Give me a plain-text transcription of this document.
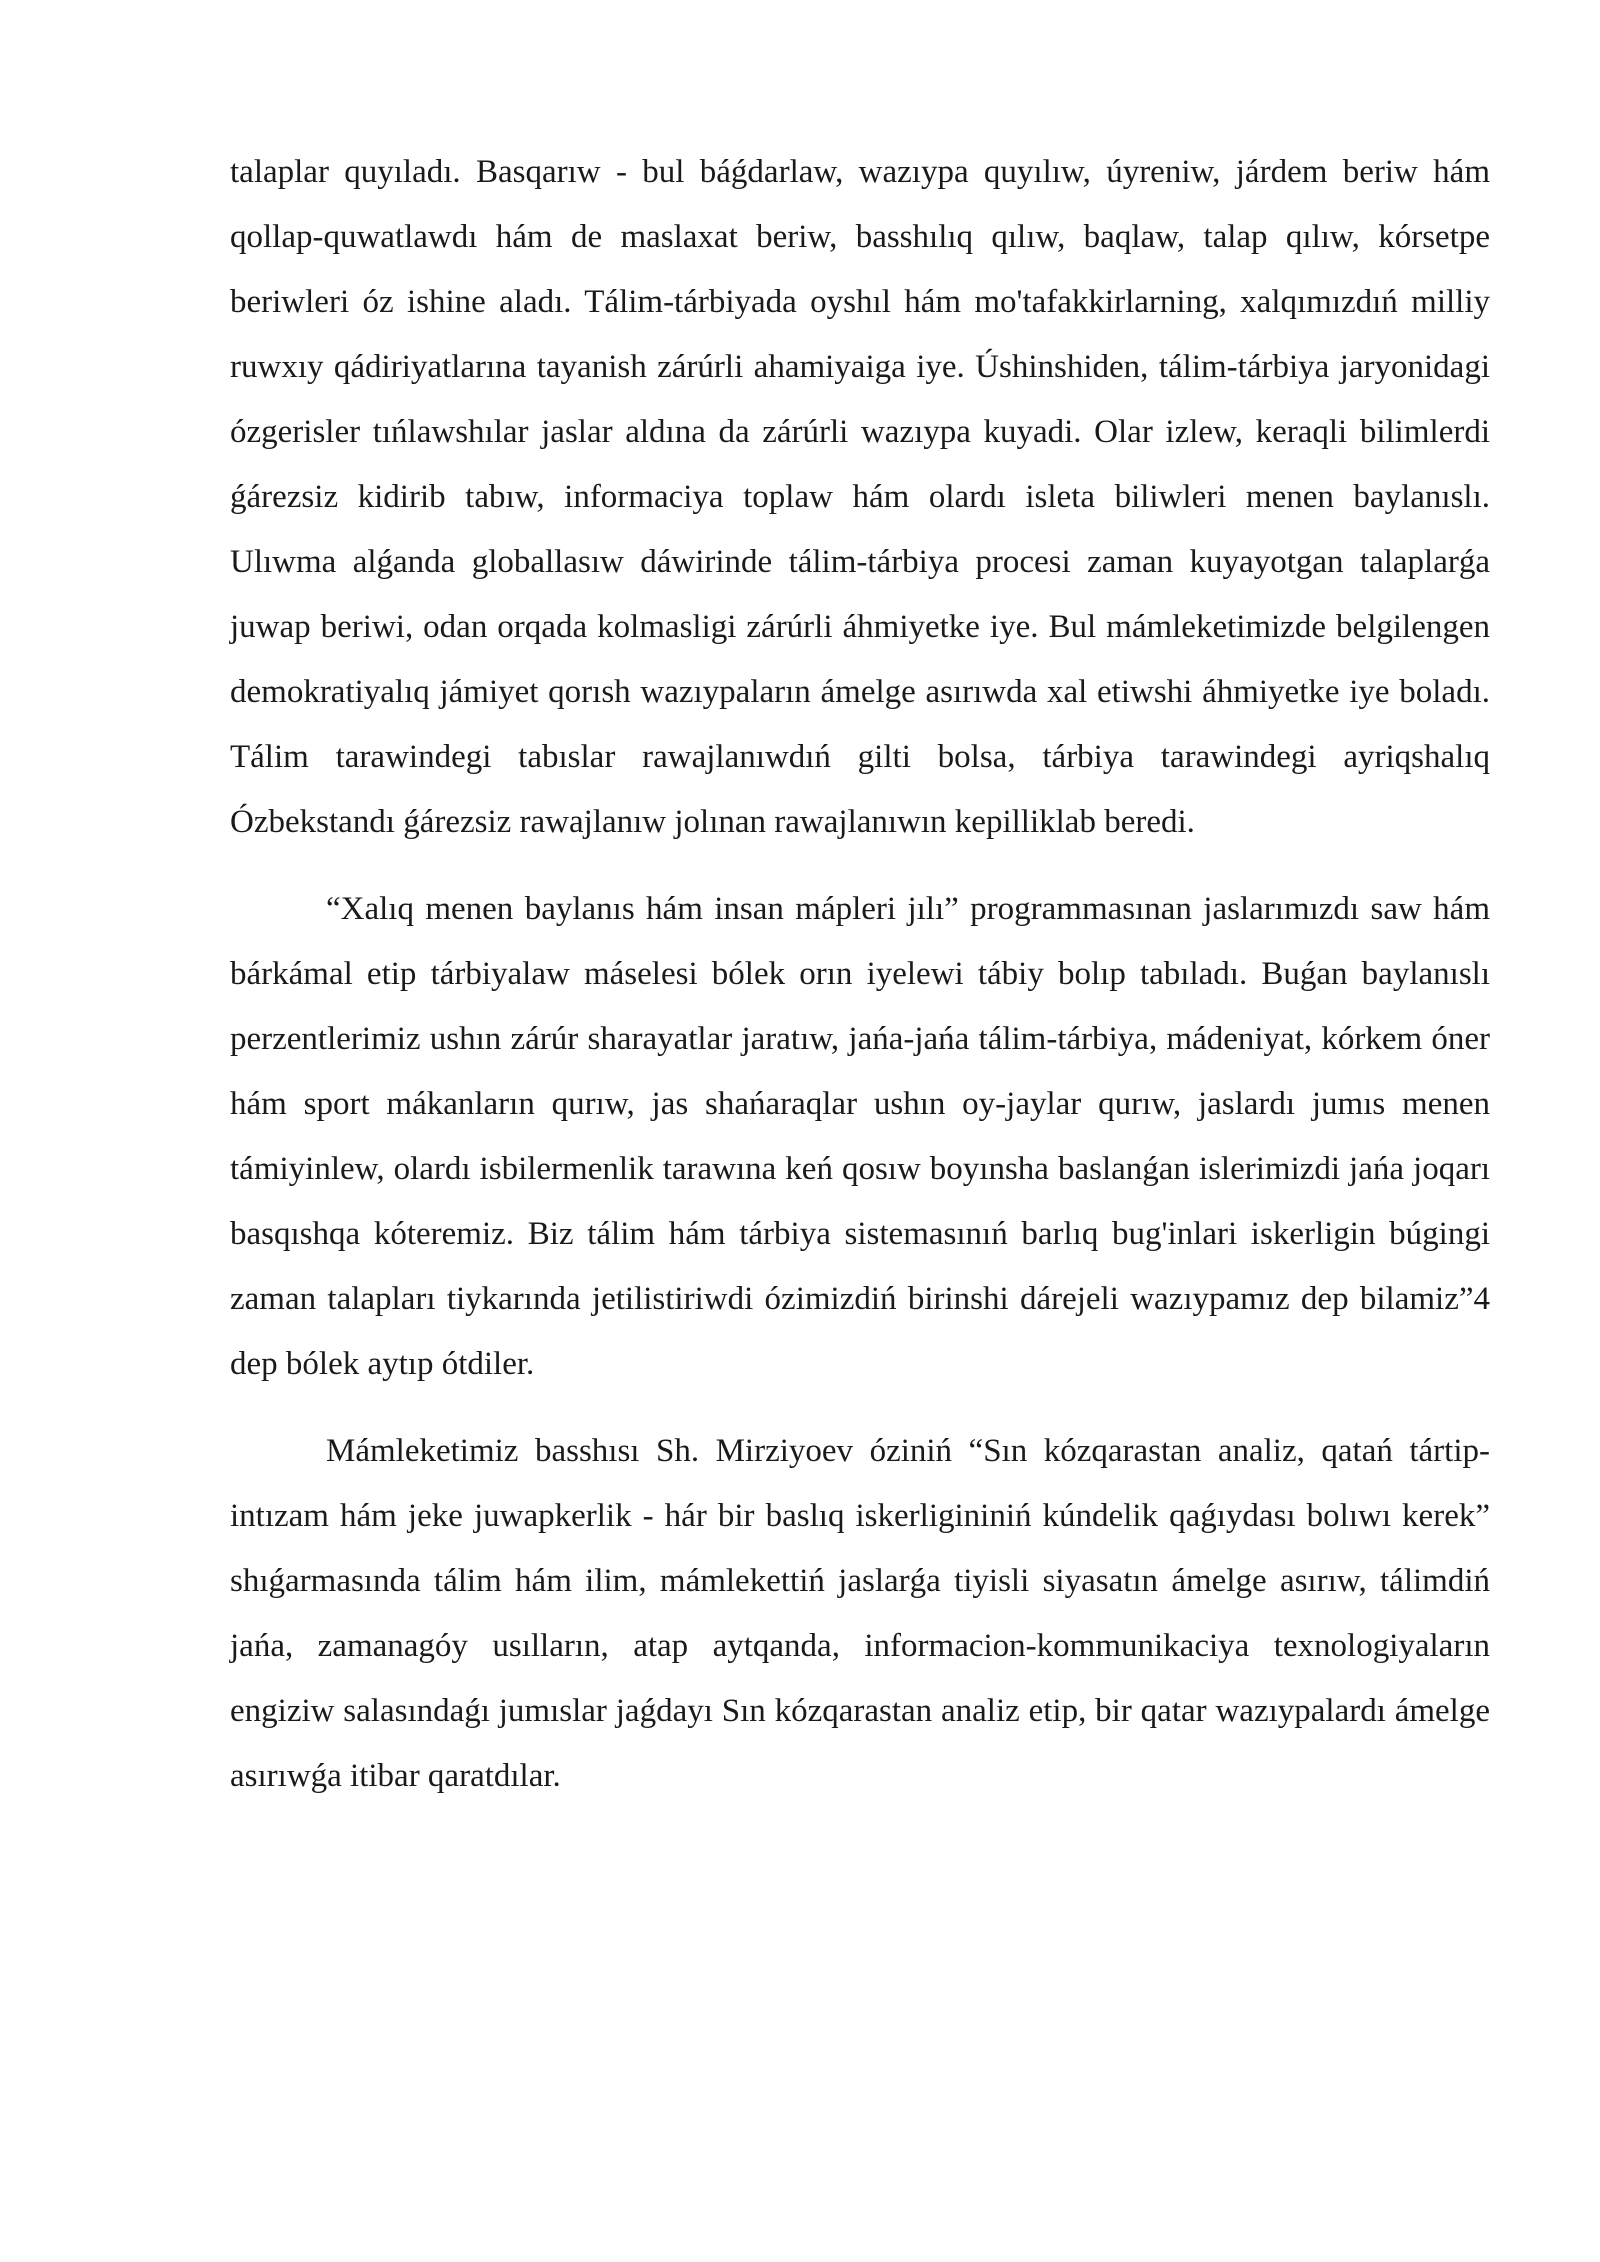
talaplar quyıladı. Basqarıw - bul báǵdarlaw, wazıypa quyılıw, úyreniw, járdem beriw hám qollap-quwatlawdı hám de maslaxat beriw, basshılıq qılıw, baqlaw, talap qılıw, kórsetpe beriwleri óz ishine aladı. Tálim-tárbiyada oyshıl hám mo'tafakkirlarning, xalqımızdıń milliy ruwxıy qádiriyatlarına tayanish zárúrli ahamiyaiga iye. Úshinshiden, tálim-tárbiya jaryonidagi ózgerisler tıńlawshılar jaslar aldına da zárúrli wazıypa kuyadi. Olar izlew, keraqli bilimlerdi ǵárezsiz kidirib tabıw, informaciya toplaw hám olardı isleta biliwleri menen baylanıslı. Ulıwma alǵanda globallasıw dáwirinde tálim-tárbiya procesi zaman kuyayotgan talaplarǵa juwap beriwi, odan orqada kolmasligi zárúrli áhmiyetke iye. Bul mámleketimizde belgilengen demokratiyalıq jámiyet qorısh wazıypaların ámelge asırıwda xal etiwshi áhmiyetke iye boladı. Tálim tarawindegi tabıslar rawajlanıwdıń gilti bolsa, tárbiya tarawindegi ayriqshalıq Ózbekstandı ǵárezsiz rawajlanıw jolınan rawajlanıwın kepilliklab beredi.

“Xalıq menen baylanıs hám insan mápleri jılı” programmasınan jaslarımızdı saw hám bárkámal etip tárbiyalaw máselesi bólek orın iyelewi tábiy bolıp tabıladı. Buǵan baylanıslı perzentlerimiz ushın zárúr sharayatlar jaratıw, jańa-jańa tálim-tárbiya, mádeniyat, kórkem óner hám sport mákanların qurıw, jas shańaraqlar ushın oy-jaylar qurıw, jaslardı jumıs menen támiyinlew, olardı isbilermenlik tarawına keń qosıw boyınsha baslanǵan islerimizdi jańa joqarı basqıshqa kóteremiz. Biz tálim hám tárbiya sistemasınıń barlıq bug'inlari iskerligin búgingi zaman talapları tiykarında jetilistiriwdi ózimizdiń birinshi dárejeli wazıypamız dep bilamiz”4 dep bólek aytıp ótdiler.

Mámleketimiz basshısı Sh. Mirziyoev óziniń “Sın kózqarastan analiz, qatań tártip-intızam hám jeke juwapkerlik - hár bir baslıq iskerligininiń kúndelik qaǵıydası bolıwı kerek” shıǵarmasında tálim hám ilim, mámlekettiń jaslarǵa tiyisli siyasatın ámelge asırıw, tálimdiń jańa, zamanagóy usılların, atap aytqanda, informacion-kommunikaciya texnologiyaların engiziw salasındaǵı jumıslar jaǵdayı Sın kózqarastan analiz etip, bir qatar wazıypalardı ámelge asırıwǵa itibar qaratdılar.
